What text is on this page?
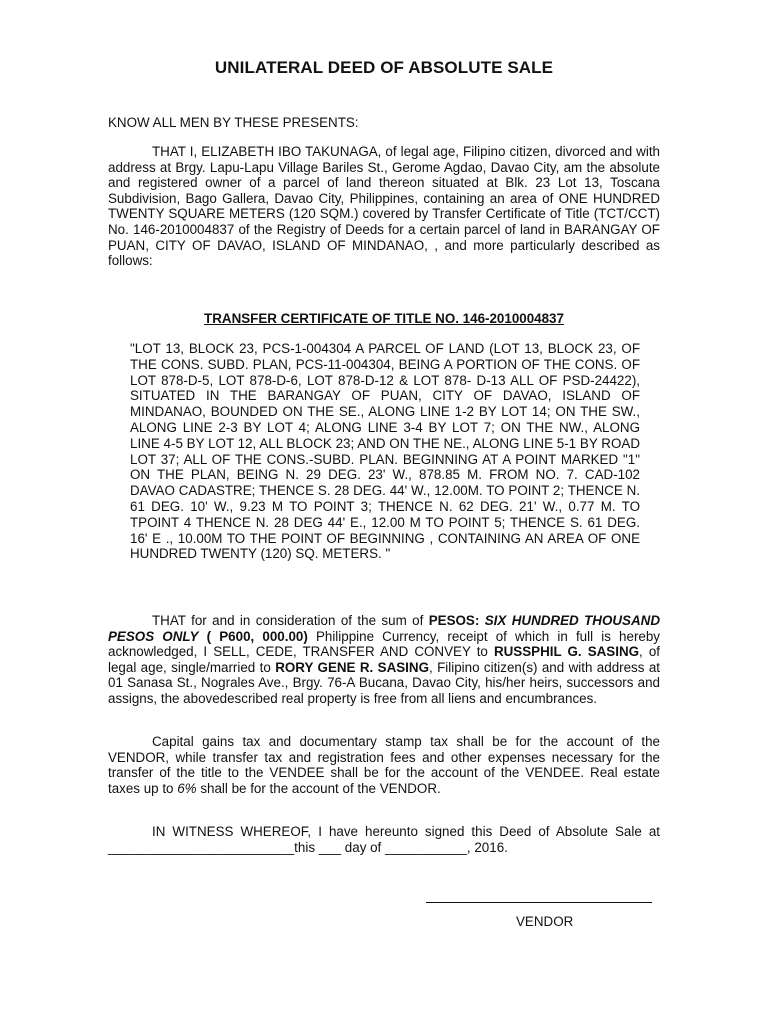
UNILATERAL DEED OF ABSOLUTE SALE

KNOW ALL MEN BY THESE PRESENTS:

THAT I, ELIZABETH IBO TAKUNAGA, of legal age, Filipino citizen, divorced and with address at Brgy. Lapu-Lapu Village Bariles St., Gerome Agdao, Davao City, am the absolute and registered owner of a parcel of land thereon situated at Blk. 23 Lot 13, Toscana Subdivision, Bago Gallera, Davao City, Philippines, containing an area of ONE HUNDRED TWENTY SQUARE METERS (120 SQM.) covered by Transfer Certificate of Title (TCT/CCT) No. 146-2010004837 of the Registry of Deeds for a certain parcel of land in BARANGAY OF PUAN, CITY OF DAVAO, ISLAND OF MINDANAO, , and more particularly described as follows:

TRANSFER CERTIFICATE OF TITLE NO. 146-2010004837

"LOT 13, BLOCK 23, PCS-1-004304 A PARCEL OF LAND (LOT 13, BLOCK 23, OF THE CONS. SUBD. PLAN, PCS-11-004304, BEING A PORTION OF THE CONS. OF LOT 878-D-5, LOT 878-D-6, LOT 878-D-12 & LOT 878- D-13 ALL OF PSD-24422), SITUATED IN THE BARANGAY OF PUAN, CITY OF DAVAO, ISLAND OF MINDANAO, BOUNDED ON THE SE., ALONG LINE 1-2 BY LOT 14; ON THE SW., ALONG LINE 2-3 BY LOT 4; ALONG LINE 3-4 BY LOT 7; ON THE NW., ALONG LINE 4-5 BY LOT 12, ALL BLOCK 23; AND ON THE NE., ALONG LINE 5-1 BY ROAD LOT 37; ALL OF THE CONS.-SUBD. PLAN. BEGINNING AT A POINT MARKED "1" ON THE PLAN, BEING N. 29 DEG. 23' W., 878.85 M. FROM NO. 7. CAD-102 DAVAO CADASTRE; THENCE S. 28 DEG. 44' W., 12.00M. TO POINT 2; THENCE N. 61 DEG. 10' W., 9.23 M TO POINT 3; THENCE N. 62 DEG. 21' W., 0.77 M. TO TPOINT 4 THENCE N. 28 DEG 44' E., 12.00 M TO POINT 5; THENCE S. 61 DEG. 16' E ., 10.00M TO THE POINT OF BEGINNING , CONTAINING AN AREA OF ONE HUNDRED TWENTY (120) SQ. METERS. "

THAT for and in consideration of the sum of PESOS: SIX HUNDRED THOUSAND PESOS ONLY ( P600, 000.00) Philippine Currency, receipt of which in full is hereby acknowledged, I SELL, CEDE, TRANSFER AND CONVEY to RUSSPHIL G. SASING, of legal age, single/married to RORY GENE R. SASING, Filipino citizen(s) and with address at 01 Sanasa St., Nograles Ave., Brgy. 76-A Bucana, Davao City, his/her heirs, successors and assigns, the abovedescribed real property is free from all liens and encumbrances.

Capital gains tax and documentary stamp tax shall be for the account of the VENDOR, while transfer tax and registration fees and other expenses necessary for the transfer of the title to the VENDEE shall be for the account of the VENDEE. Real estate taxes up to 6% shall be for the account of the VENDOR.

IN WITNESS WHEREOF, I have hereunto signed this Deed of Absolute Sale at _________________________this ___ day of ___________, 2016.

VENDOR
